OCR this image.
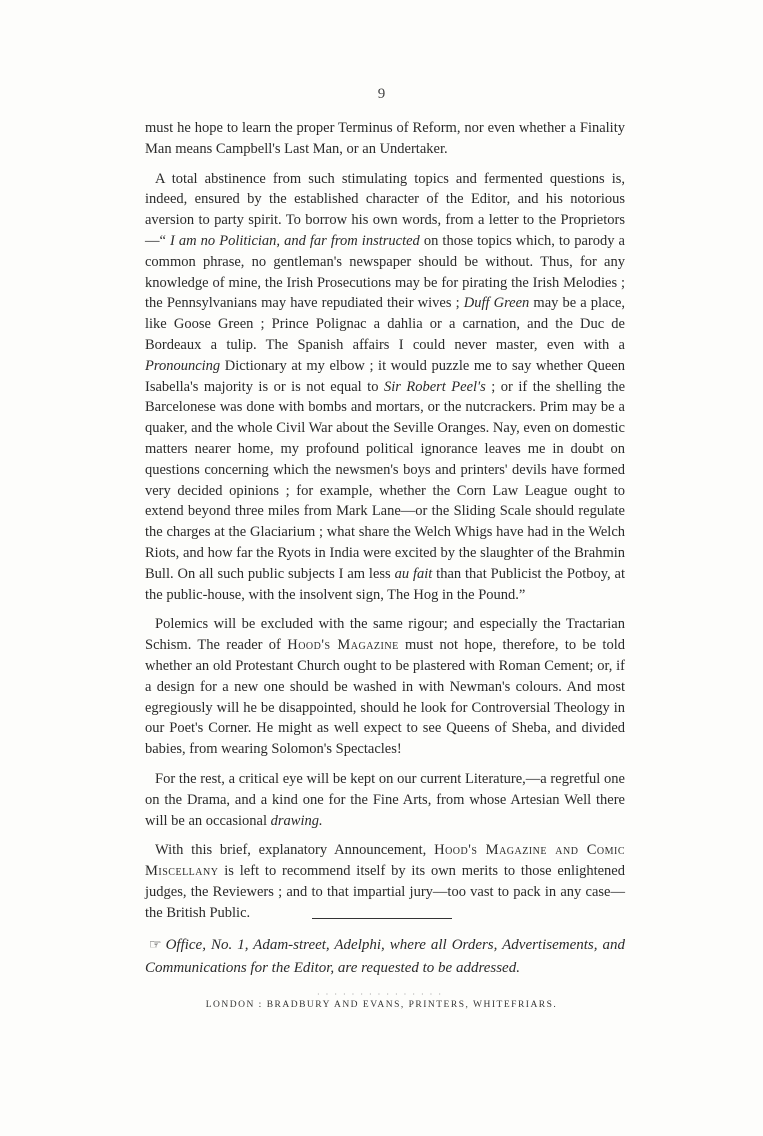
9

must he hope to learn the proper Terminus of Reform, nor even whether a Finality Man means Campbell's Last Man, or an Undertaker.

A total abstinence from such stimulating topics and fermented questions is, indeed, ensured by the established character of the Editor, and his notorious aversion to party spirit. To borrow his own words, from a letter to the Proprietors—“ I am no Politician, and far from instructed on those topics which, to parody a common phrase, no gentleman's newspaper should be without. Thus, for any knowledge of mine, the Irish Prosecutions may be for pirating the Irish Melodies ; the Pennsylvanians may have repudiated their wives ; Duff Green may be a place, like Goose Green ; Prince Polignac a dahlia or a carnation, and the Duc de Bordeaux a tulip. The Spanish affairs I could never master, even with a Pronouncing Dictionary at my elbow ; it would puzzle me to say whether Queen Isabella's majority is or is not equal to Sir Robert Peel's ; or if the shelling the Barcelonese was done with bombs and mortars, or the nutcrackers. Prim may be a quaker, and the whole Civil War about the Seville Oranges. Nay, even on domestic matters nearer home, my profound political ignorance leaves me in doubt on questions concerning which the newsmen's boys and printers' devils have formed very decided opinions ; for example, whether the Corn Law League ought to extend beyond three miles from Mark Lane—or the Sliding Scale should regulate the charges at the Glaciarium ; what share the Welch Whigs have had in the Welch Riots, and how far the Ryots in India were excited by the slaughter of the Brahmin Bull. On all such public subjects I am less au fait than that Publicist the Potboy, at the public-house, with the insolvent sign, The Hog in the Pound.”

Polemics will be excluded with the same rigour; and especially the Tractarian Schism. The reader of Hood's Magazine must not hope, therefore, to be told whether an old Protestant Church ought to be plastered with Roman Cement; or, if a design for a new one should be washed in with Newman's colours. And most egregiously will he be disappointed, should he look for Controversial Theology in our Poet's Corner. He might as well expect to see Queens of Sheba, and divided babies, from wearing Solomon's Spectacles!

For the rest, a critical eye will be kept on our current Literature,—a regretful one on the Drama, and a kind one for the Fine Arts, from whose Artesian Well there will be an occasional drawing.

With this brief, explanatory Announcement, Hood's Magazine and Comic Miscellany is left to recommend itself by its own merits to those enlightened judges, the Reviewers ; and to that impartial jury—too vast to pack in any case—the British Public.

☞ Office, No. 1, Adam-street, Adelphi, where all Orders, Advertisements, and Communications for the Editor, are requested to be addressed.
· · · · · · · · · · · · · · ·
LONDON : BRADBURY AND EVANS, PRINTERS, WHITEFRIARS.
